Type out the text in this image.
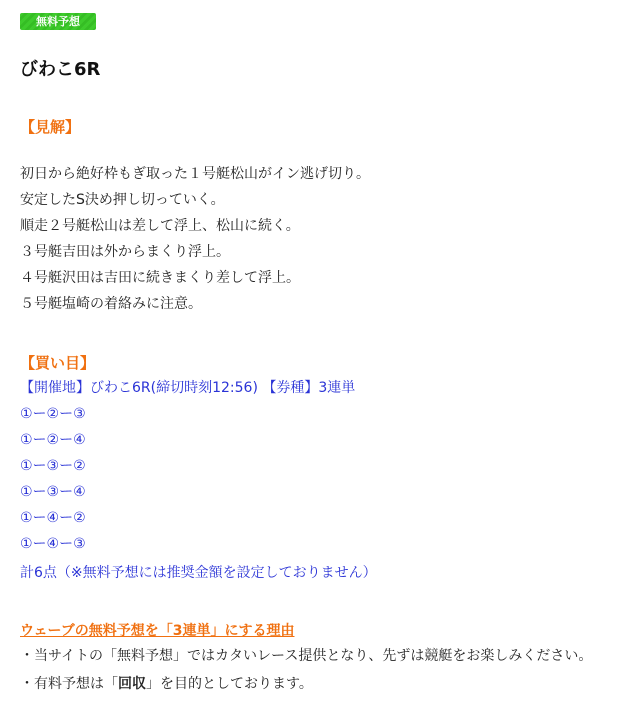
無料予想
びわこ6R
【見解】
初日から絶好枠もぎ取った１号艇松山がイン逃げ切り。
安定したS決め押し切っていく。
順走２号艇松山は差して浮上、松山に続く。
３号艇吉田は外からまくり浮上。
４号艇沢田は吉田に続きまくり差して浮上。
５号艇塩崎の着絡みに注意。
【買い目】
【開催地】びわこ6R(締切時刻12:56) 【券種】3連単
①ー②ー③
①ー②ー④
①ー③ー②
①ー③ー④
①ー④ー②
①ー④ー③
計6点（※無料予想には推奨金額を設定しておりません）
ウェーブの無料予想を「3連単」にする理由
・当サイトの「無料予想」ではカタいレース提供となり、先ずは競艇をお楽しみください。
・有料予想は「回収」を目的としております。
